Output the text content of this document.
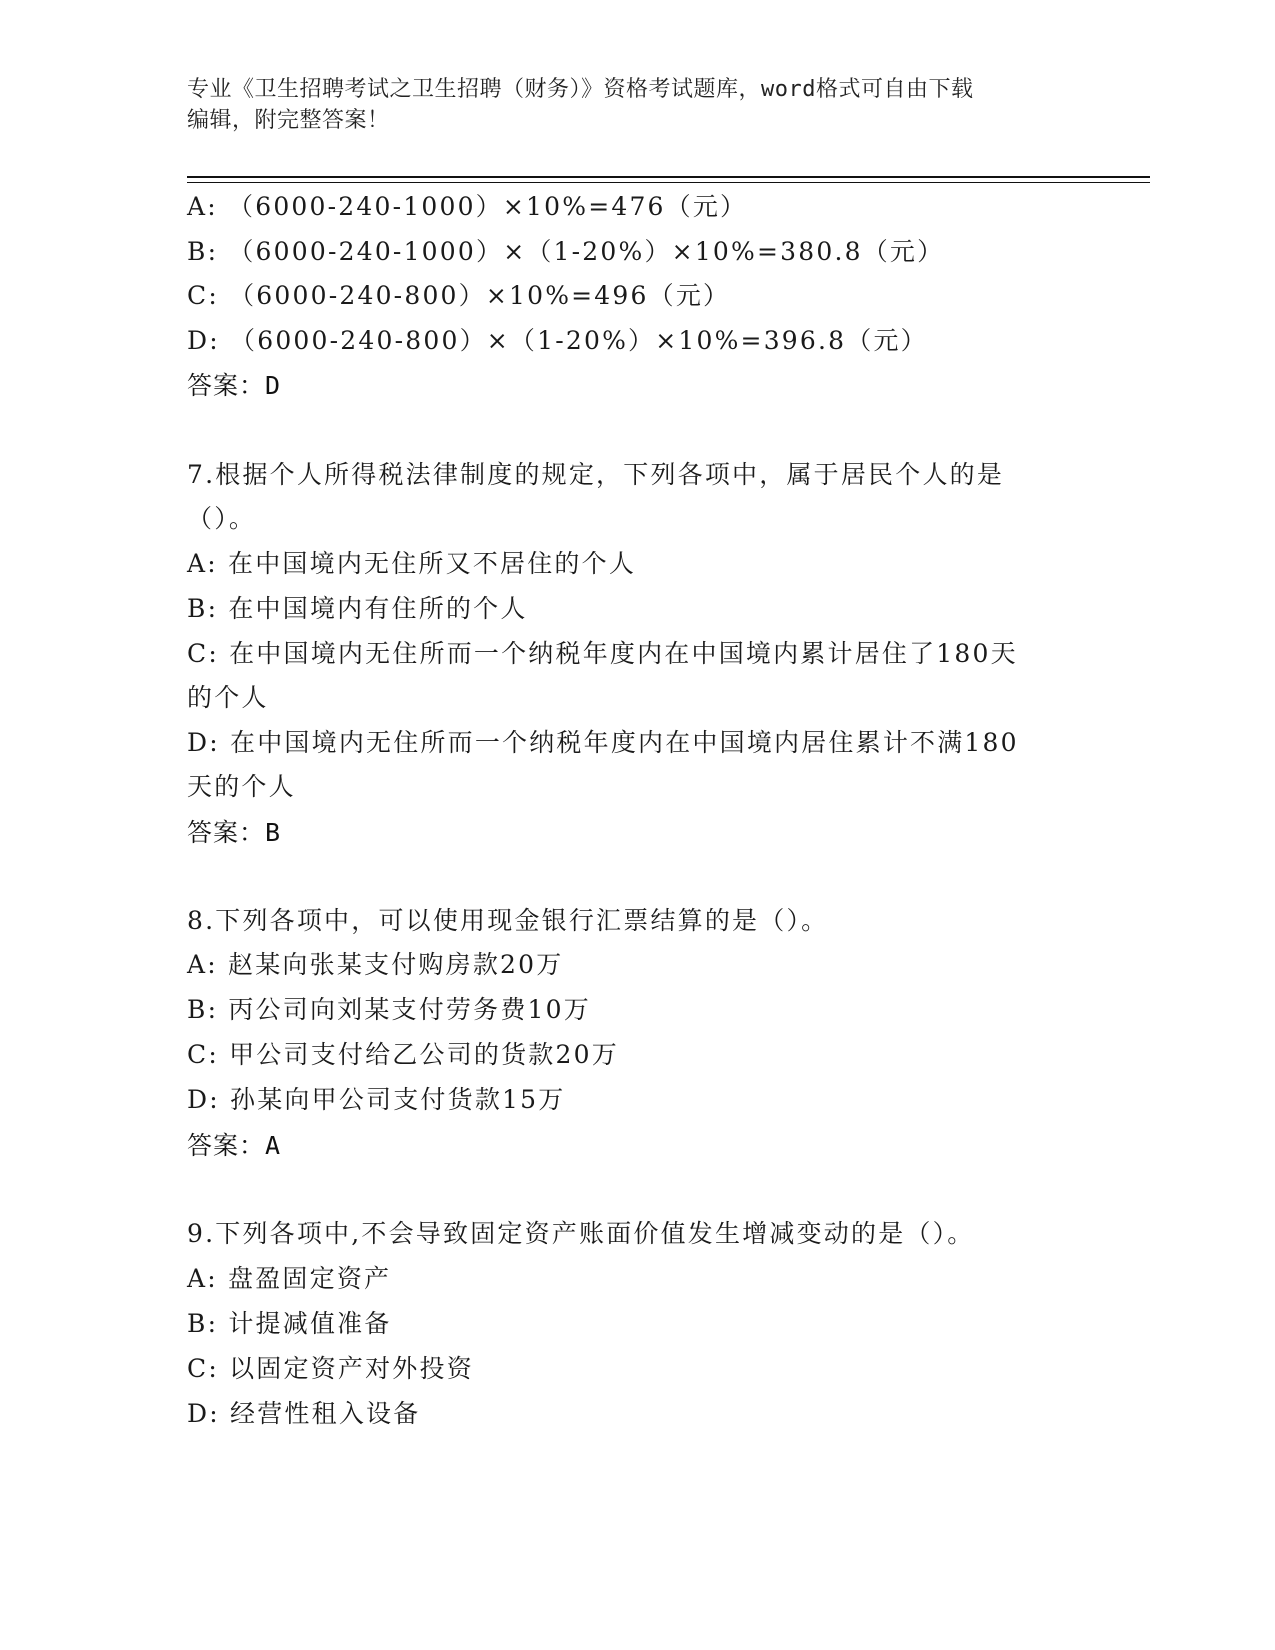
专业《卫生招聘考试之卫生招聘（财务）》资格考试题库，word格式可自由下载
编辑，附完整答案！
A: （6000-240-1000）×10%=476（元）
B: （6000-240-1000）×（1-20%）×10%=380.8（元）
C: （6000-240-800）×10%=496（元）
D: （6000-240-800）×（1-20%）×10%=396.8（元）
答案：D
7.根据个人所得税法律制度的规定，下列各项中，属于居民个人的是
（）。
A: 在中国境内无住所又不居住的个人
B: 在中国境内有住所的个人
C: 在中国境内无住所而一个纳税年度内在中国境内累计居住了180天
的个人
D: 在中国境内无住所而一个纳税年度内在中国境内居住累计不满180
天的个人
答案：B
8.下列各项中，可以使用现金银行汇票结算的是（）。
A: 赵某向张某支付购房款20万
B: 丙公司向刘某支付劳务费10万
C: 甲公司支付给乙公司的货款20万
D: 孙某向甲公司支付货款15万
答案：A
9.下列各项中,不会导致固定资产账面价值发生增减变动的是（）。
A: 盘盈固定资产
B: 计提减值准备
C: 以固定资产对外投资
D: 经营性租入设备
